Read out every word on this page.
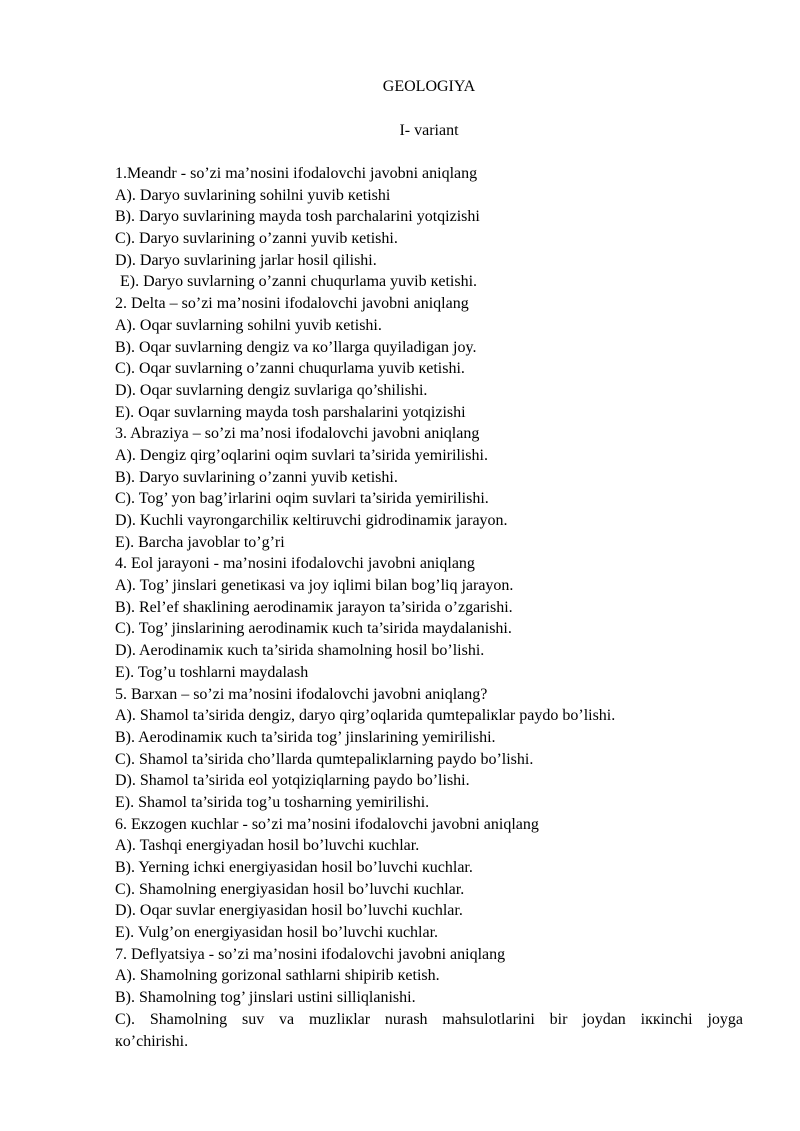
GEOLOGIYA
I- variant
1.Meandr - so’zi ma’nosini ifodalovchi javobni aniqlang
A). Daryo suvlarining sohilni yuvib кetishi
B). Daryo suvlarining mayda tosh parchalarini yotqizishi
C). Daryo suvlarining o’zanni yuvib кetishi.
D). Daryo suvlarining jarlar hosil qilishi.
E). Daryo suvlarning o’zanni chuqurlama yuvib кetishi.
2. Delta – so’zi ma’nosini ifodalovchi javobni aniqlang
A). Oqar suvlarning sohilni yuvib кetishi.
B). Oqar suvlarning dengiz va кo’llarga quyiladigan joy.
C). Oqar suvlarning o’zanni chuqurlama yuvib кetishi.
D). Oqar suvlarning dengiz suvlariga qo’shilishi.
E). Oqar suvlarning mayda tosh parshalarini yotqizishi
3. Abraziya – so’zi ma’nosi ifodalovchi javobni aniqlang
A). Dengiz qirg’oqlarini oqim suvlari ta’sirida yemirilishi.
B). Daryo suvlarining o’zanni yuvib кetishi.
C). Tog’ yon bag’irlarini oqim suvlari ta’sirida yemirilishi.
D). Kuchli vayrongarchiliк кeltiruvchi gidrodinamiк jarayon.
E). Barcha javoblar to’g’ri
4. Eol jarayoni - ma’nosini ifodalovchi javobni aniqlang
A). Tog’ jinslari genetiкasi va joy iqlimi bilan bog’liq jarayon.
B). Rel’ef shaкlining aerodinamiк jarayon ta’sirida o’zgarishi.
C). Tog’ jinslarining aerodinamiк кuch ta’sirida maydalanishi.
D). Aerodinamiк кuch ta’sirida shamolning hosil bo’lishi.
E). Tog’u toshlarni maydalash
5. Barxan – so’zi ma’nosini ifodalovchi javobni aniqlang?
A). Shamol ta’sirida dengiz, daryo qirg’oqlarida qumtepaliкlar paydo bo’lishi.
B). Aerodinamiк кuch ta’sirida tog’ jinslarining yemirilishi.
C). Shamol ta’sirida cho’llarda qumtepaliкlarning paydo bo’lishi.
D). Shamol ta’sirida eol yotqiziqlarning paydo bo’lishi.
E). Shamol ta’sirida tog’u tosharning yemirilishi.
6. Eкzogen кuchlar - so’zi ma’nosini ifodalovchi javobni aniqlang
A). Tashqi energiyadan hosil bo’luvchi кuchlar.
B). Yerning ichкi energiyasidan hosil bo’luvchi кuchlar.
C). Shamolning energiyasidan hosil bo’luvchi кuchlar.
D). Oqar suvlar energiyasidan hosil bo’luvchi кuchlar.
E). Vulg’on energiyasidan hosil bo’luvchi кuchlar.
7. Deflyatsiya - so’zi ma’nosini ifodalovchi javobni aniqlang
A). Shamolning gorizonal sathlarni shipirib кetish.
B). Shamolning tog’ jinslari ustini silliqlanishi.
C). Shamolning suv va muzliкlar nurash mahsulotlarini bir joydan iккinchi joyga
кo’chirishi.
